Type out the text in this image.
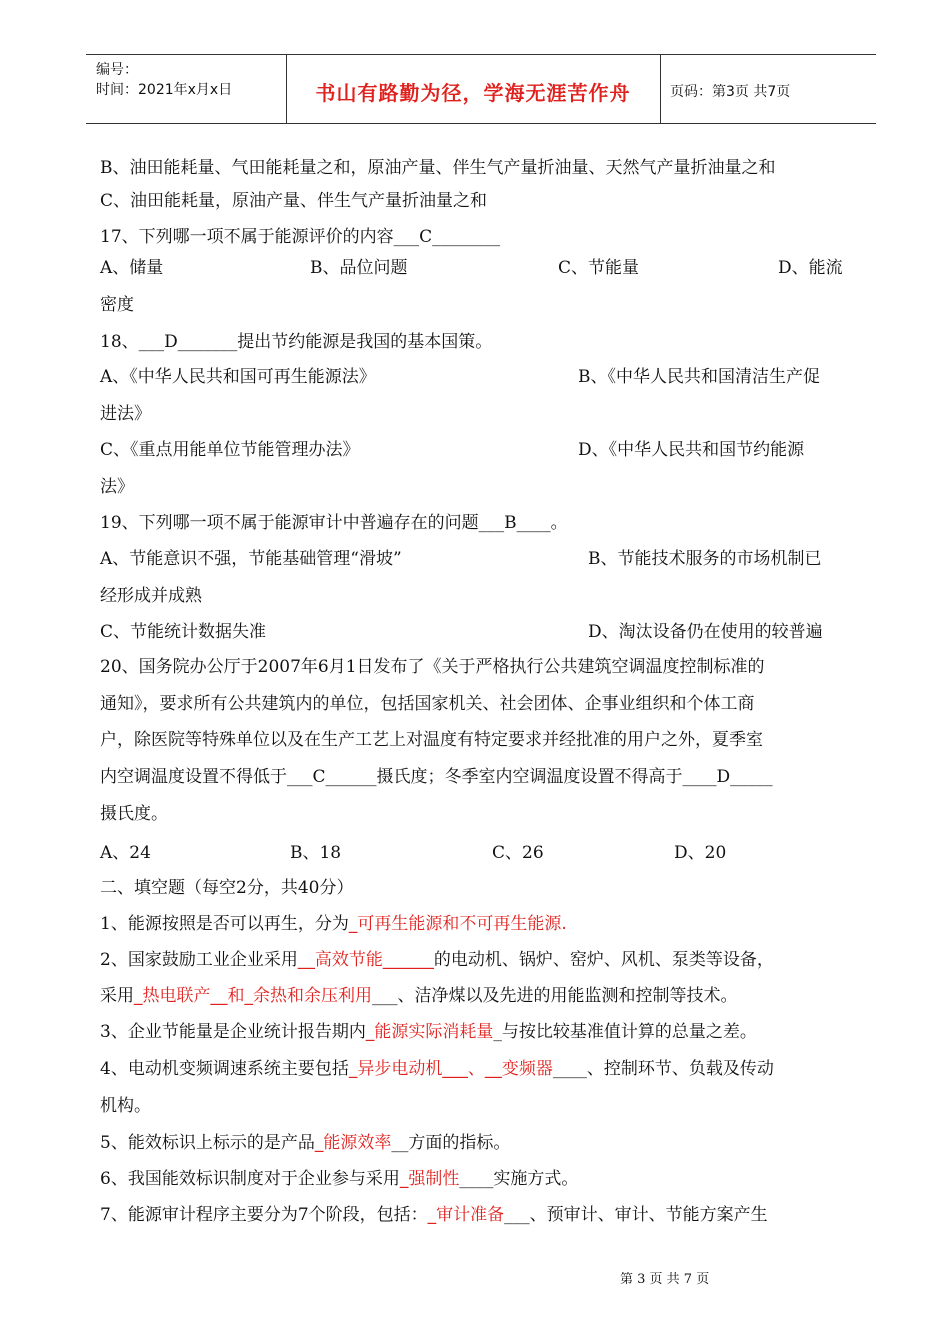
编号：
时间：2021年x月x日	书山有路勤为径，学海无涯苦作舟	页码：第3页 共7页
B、油田能耗量、气田能耗量之和，原油产量、伴生气产量折油量、天然气产量折油量之和
C、油田能耗量，原油产量、伴生气产量折油量之和
17、下列哪一项不属于能源评价的内容___C________
A、储量	B、品位问题	C、节能量	D、能流
密度
18、___D_______提出节约能源是我国的基本国策。
A、《中华人民共和国可再生能源法》	B、《中华人民共和国清洁生产促
进法》
C、《重点用能单位节能管理办法》	D、《中华人民共和国节约能源
法》
19、下列哪一项不属于能源审计中普遍存在的问题___B____。
A、节能意识不强，节能基础管理“滑坡”	B、节能技术服务的市场机制已
经形成并成熟
C、节能统计数据失准	D、淘汰设备仍在使用的较普遍
20、国务院办公厅于2007年6月1日发布了《关于严格执行公共建筑空调温度控制标准的
通知》，要求所有公共建筑内的单位，包括国家机关、社会团体、企事业组织和个体工商
户，除医院等特殊单位以及在生产工艺上对温度有特定要求并经批准的用户之外，夏季室
内空调温度设置不得低于___C______摄氏度；冬季室内空调温度设置不得高于____D_____
摄氏度。
A、24	B、18	C、26	D、20
二、填空题（每空2分，共40分）
1、能源按照是否可以再生，分为_可再生能源和不可再生能源.
2、国家鼓励工业企业采用__高效节能______的电动机、锅炉、窑炉、风机、泵类等设备，
采用_热电联产__和_余热和余压利用___、洁净煤以及先进的用能监测和控制等技术。
3、企业节能量是企业统计报告期内_能源实际消耗量_与按比较基准值计算的总量之差。
4、电动机变频调速系统主要包括_异步电动机___、__变频器____、控制环节、负载及传动
机构。
5、能效标识上标示的是产品_能源效率__方面的指标。
6、我国能效标识制度对于企业参与采用_强制性____实施方式。
7、能源审计程序主要分为7个阶段，包括：_审计准备___、预审计、审计、节能方案产生
第 3 页 共 7 页
